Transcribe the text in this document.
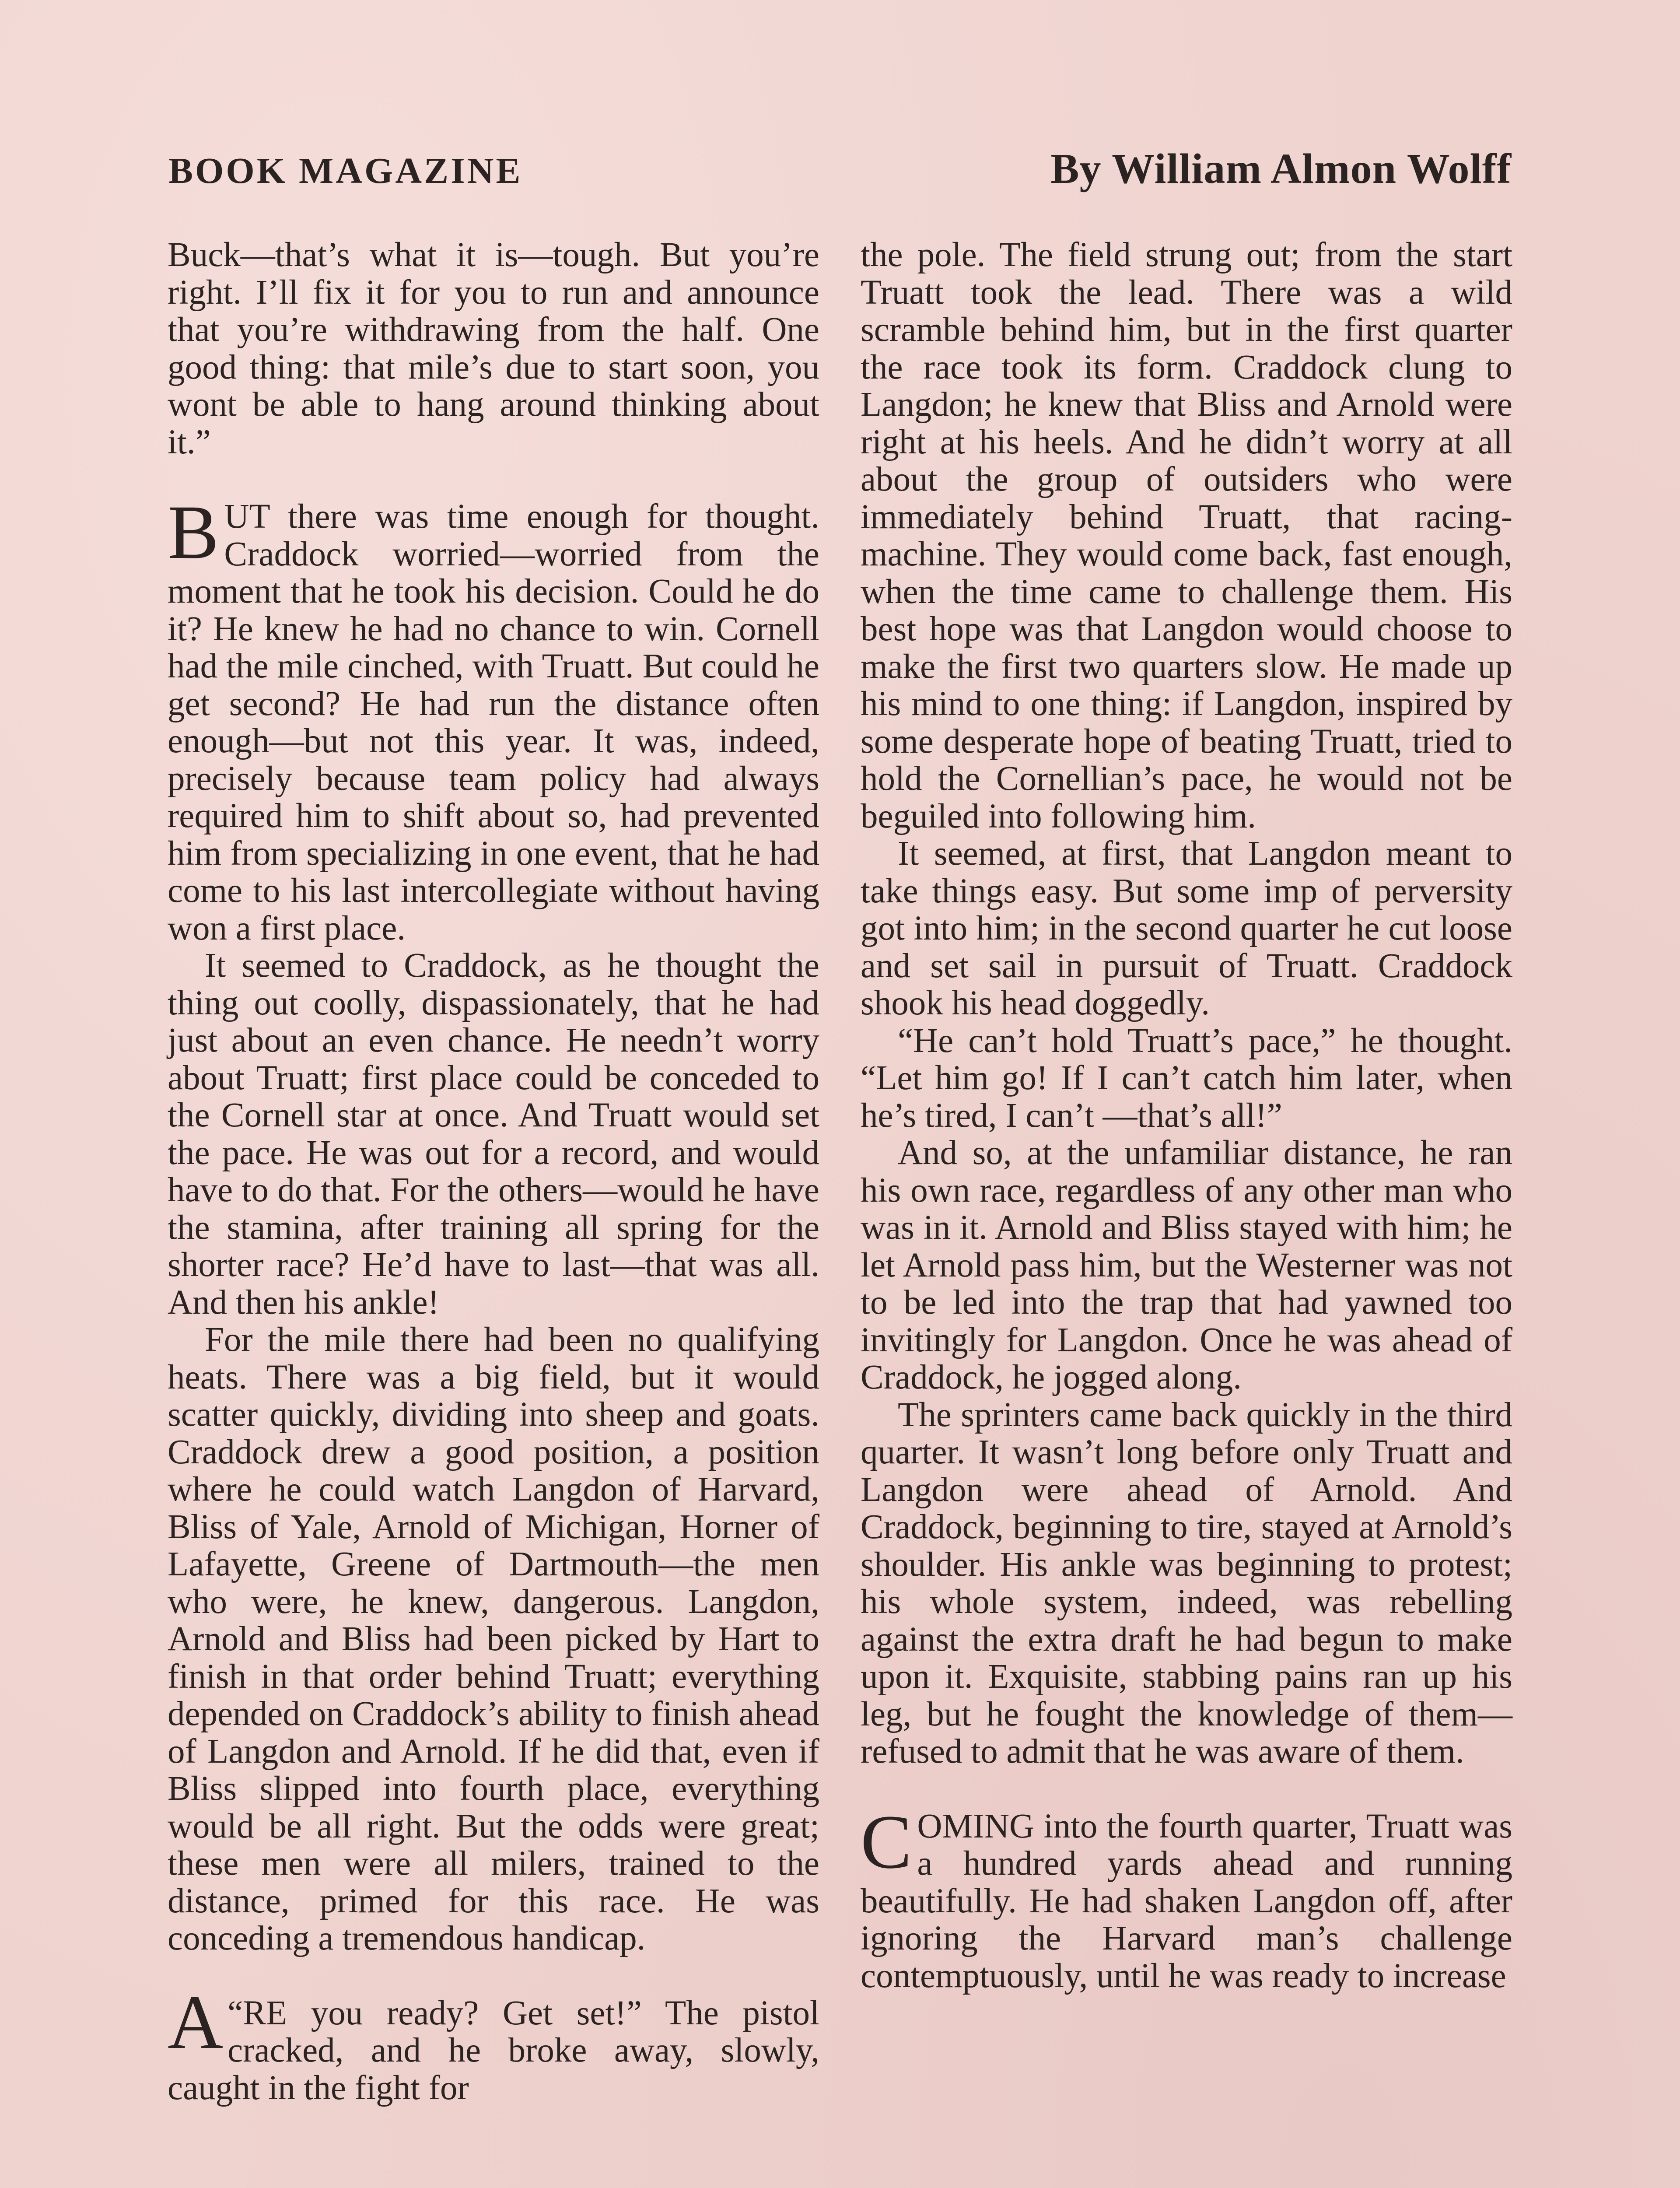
BOOK MAGAZINE	By William Almon Wolff

Buck—that’s what it is—tough. But you’re right. I’ll fix it for you to run and announce that you’re withdrawing from the half. One good thing: that mile’s due to start soon, you wont be able to hang around thinking about it.”

BUT there was time enough for thought. Craddock worried—worried from the moment that he took his decision. Could he do it? He knew he had no chance to win. Cornell had the mile cinched, with Truatt. But could he get second? He had run the distance often enough—but not this year. It was, indeed, precisely because team policy had always required him to shift about so, had prevented him from specializing in one event, that he had come to his last intercollegiate without having won a first place.

It seemed to Craddock, as he thought the thing out coolly, dispassionately, that he had just about an even chance. He needn’t worry about Truatt; first place could be conceded to the Cornell star at once. And Truatt would set the pace. He was out for a record, and would have to do that. For the others—would he have the stamina, after training all spring for the shorter race? He’d have to last—that was all. And then his ankle!

For the mile there had been no qualifying heats. There was a big field, but it would scatter quickly, dividing into sheep and goats. Craddock drew a good position, a position where he could watch Langdon of Harvard, Bliss of Yale, Arnold of Michigan, Horner of Lafayette, Greene of Dartmouth—the men who were, he knew, dangerous. Langdon, Arnold and Bliss had been picked by Hart to finish in that order behind Truatt; everything depended on Craddock’s ability to finish ahead of Langdon and Arnold. If he did that, even if Bliss slipped into fourth place, everything would be all right. But the odds were great; these men were all milers, trained to the distance, primed for this race. He was conceding a tremendous handicap.

“
A RE you ready? Get set!” The pistol cracked, and he broke away, slowly, caught in the fight for

the pole. The field strung out; from the start Truatt took the lead. There was a wild scramble behind him, but in the first quarter the race took its form. Craddock clung to Langdon; he knew that Bliss and Arnold were right at his heels. And he didn’t worry at all about the group of outsiders who were immediately behind Truatt, that racing-machine. They would come back, fast enough, when the time came to challenge them. His best hope was that Langdon would choose to make the first two quarters slow. He made up his mind to one thing: if Langdon, inspired by some desperate hope of beating Truatt, tried to hold the Cornellian’s pace, he would not be beguiled into following him.

It seemed, at first, that Langdon meant to take things easy. But some imp of perversity got into him; in the second quarter he cut loose and set sail in pursuit of Truatt. Craddock shook his head doggedly.

“He can’t hold Truatt’s pace,” he thought. “Let him go! If I can’t catch him later, when he’s tired, I can’t —that’s all!”

And so, at the unfamiliar distance, he ran his own race, regardless of any other man who was in it. Arnold and Bliss stayed with him; he let Arnold pass him, but the Westerner was not to be led into the trap that had yawned too invitingly for Langdon. Once he was ahead of Craddock, he jogged along.

The sprinters came back quickly in the third quarter. It wasn’t long before only Truatt and Langdon were ahead of Arnold. And Craddock, beginning to tire, stayed at Arnold’s shoulder. His ankle was beginning to protest; his whole system, indeed, was rebelling against the extra draft he had begun to make upon it. Exquisite, stabbing pains ran up his leg, but he fought the knowledge of them—refused to admit that he was aware of them.

COMING into the fourth quarter, Truatt was a hundred yards ahead and running beautifully. He had shaken Langdon off, after ignoring the Harvard man’s challenge contemptuously, until he was ready to increase
